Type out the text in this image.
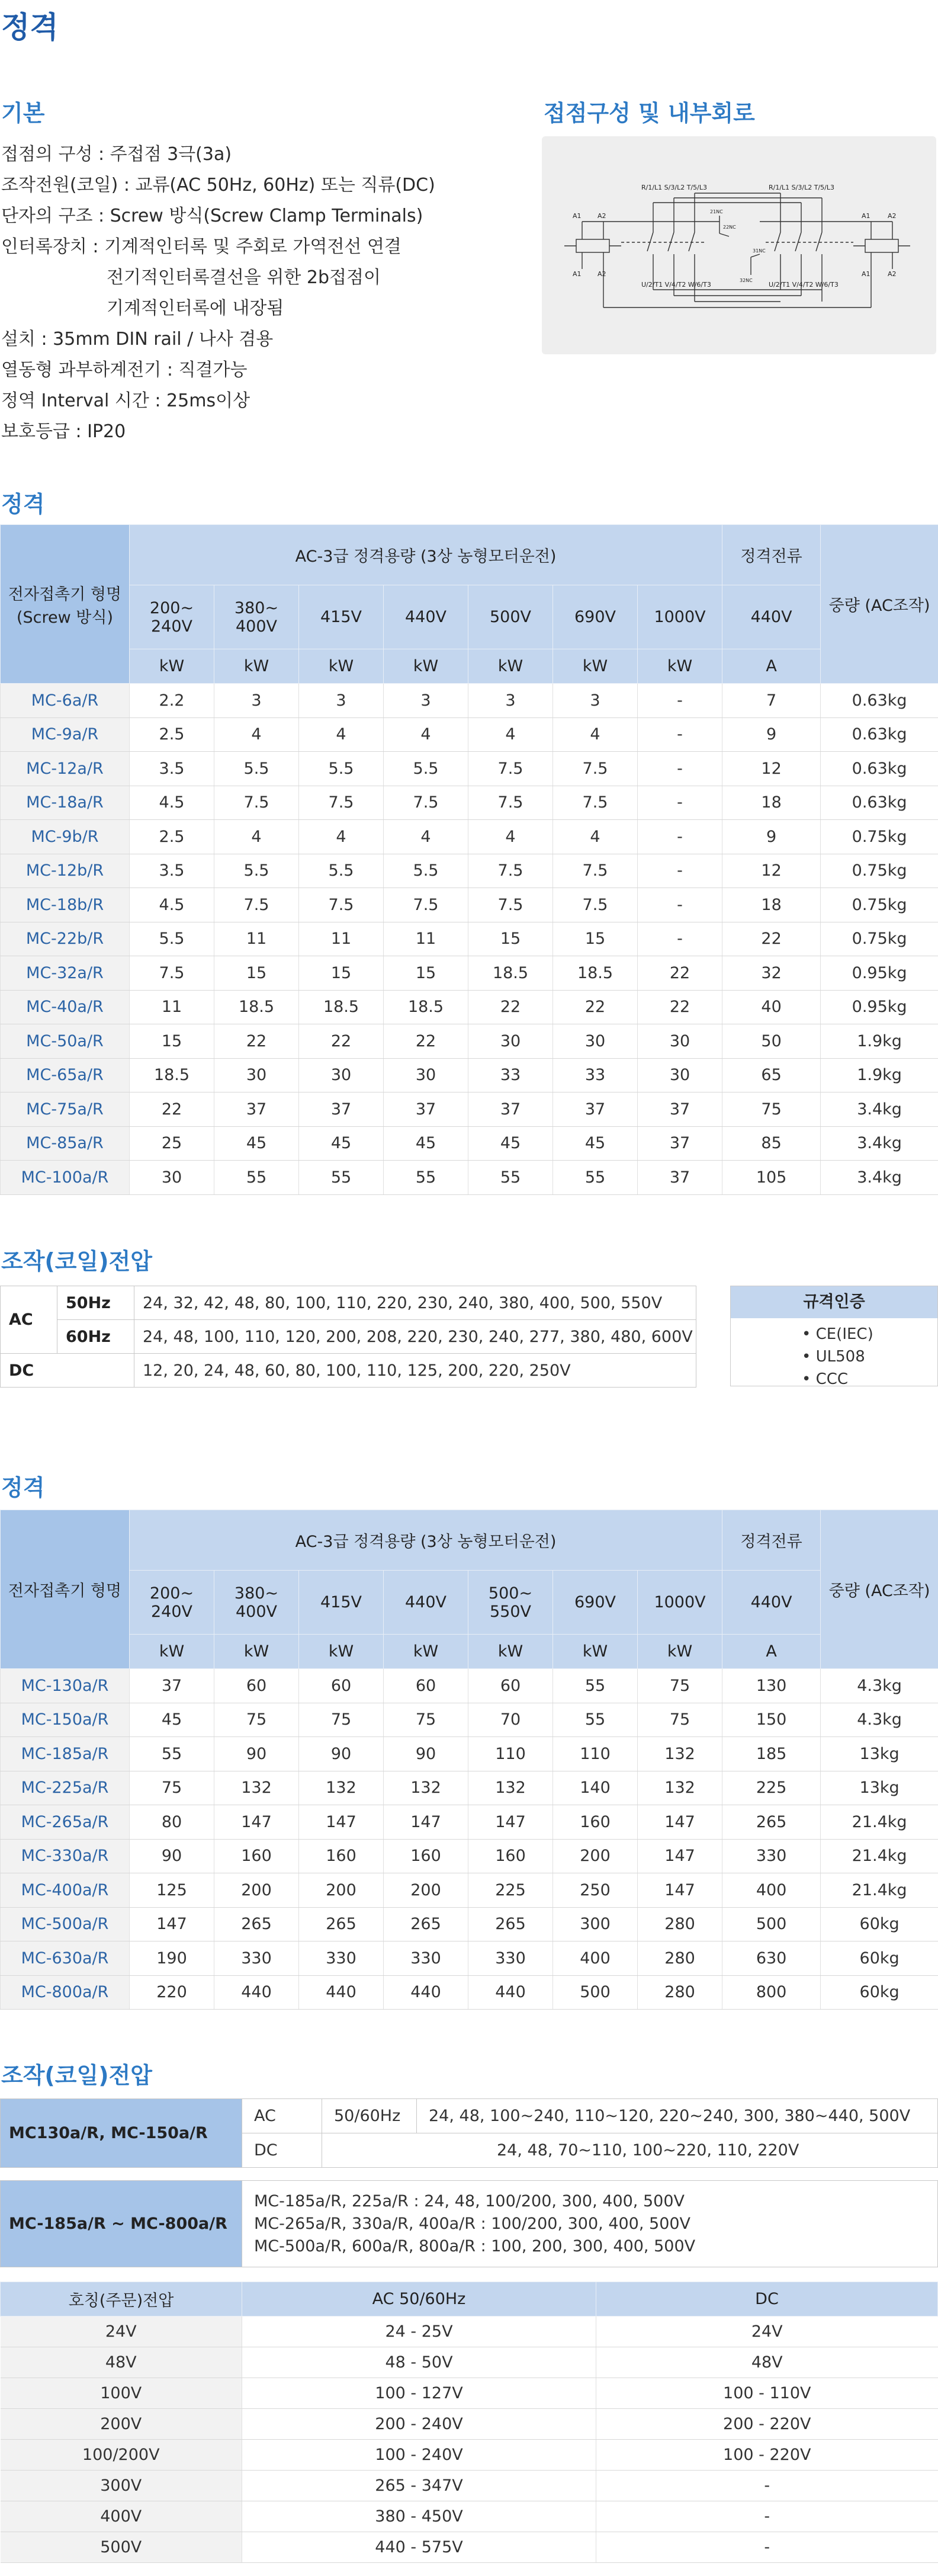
정격
기본
접점의 구성 : 주접점 3극(3a)
조작전원(코일) : 교류(AC 50Hz, 60Hz) 또는 직류(DC)
단자의 구조 : Screw 방식(Screw Clamp Terminals)
인터록장치 : 기계적인터록 및 주회로 가역전선 연결
전기적인터록결선을 위한 2b접점이
기계적인터록에 내장됨
설치 : 35mm DIN rail / 나사 겸용
열동형 과부하계전기 : 직결가능
정역 Interval 시간 : 25ms이상
보호등급 : IP20
접점구성 및 내부회로
A1 A2
A1 A2
A1	A2
A1	A2
R/1/L1 S/3/L2 T/5/L3	R/1/L1 S/3/L2 T/5/L3
U/2/T1 V/4/T2 W/6/T3	U/2/T1 V/4/T2 W/6/T3
21NC
22NC
31NC
32NC
정격
전자접촉기 형명 (Screw 방식)	AC-3급 정격용량 (3상 농형모터운전)							정격전류	중량 (AC조작)
	200~ 240V	380~ 400V	415V	440V	500V	690V	1000V	440V	
	kW	kW	kW	kW	kW	kW	kW	A	
MC-6a/R	2.2	3	3	3	3	3	-	7	0.63kg
MC-9a/R	2.5	4	4	4	4	4	-	9	0.63kg
MC-12a/R	3.5	5.5	5.5	5.5	7.5	7.5	-	12	0.63kg
MC-18a/R	4.5	7.5	7.5	7.5	7.5	7.5	-	18	0.63kg
MC-9b/R	2.5	4	4	4	4	4	-	9	0.75kg
MC-12b/R	3.5	5.5	5.5	5.5	7.5	7.5	-	12	0.75kg
MC-18b/R	4.5	7.5	7.5	7.5	7.5	7.5	-	18	0.75kg
MC-22b/R	5.5	11	11	11	15	15	-	22	0.75kg
MC-32a/R	7.5	15	15	15	18.5	18.5	22	32	0.95kg
MC-40a/R	11	18.5	18.5	18.5	22	22	22	40	0.95kg
MC-50a/R	15	22	22	22	30	30	30	50	1.9kg
MC-65a/R	18.5	30	30	30	33	33	30	65	1.9kg
MC-75a/R	22	37	37	37	37	37	37	75	3.4kg
MC-85a/R	25	45	45	45	45	45	37	85	3.4kg
MC-100a/R	30	55	55	55	55	55	37	105	3.4kg
조작(코일)전압
AC	50Hz	24, 32, 42, 48, 80, 100, 110, 220, 230, 240, 380, 400, 500, 550V
	60Hz	24, 48, 100, 110, 120, 200, 208, 220, 230, 240, 277, 380, 480, 600V
DC		12, 20, 24, 48, 60, 80, 100, 110, 125, 200, 220, 250V
규격인증
• CE(IEC)
• UL508
• CCC
정격
전자접촉기 형명	AC-3급 정격용량 (3상 농형모터운전)							정격전류	중량 (AC조작)
	200~ 240V	380~ 400V	415V	440V	500~ 550V	690V	1000V	440V	
	kW	kW	kW	kW	kW	kW	kW	A	
MC-130a/R	37	60	60	60	60	55	75	130	4.3kg
MC-150a/R	45	75	75	75	70	55	75	150	4.3kg
MC-185a/R	55	90	90	90	110	110	132	185	13kg
MC-225a/R	75	132	132	132	132	140	132	225	13kg
MC-265a/R	80	147	147	147	147	160	147	265	21.4kg
MC-330a/R	90	160	160	160	160	200	147	330	21.4kg
MC-400a/R	125	200	200	200	225	250	147	400	21.4kg
MC-500a/R	147	265	265	265	265	300	280	500	60kg
MC-630a/R	190	330	330	330	330	400	280	630	60kg
MC-800a/R	220	440	440	440	440	500	280	800	60kg
조작(코일)전압
MC130a/R, MC-150a/R	AC	50/60Hz	24, 48, 100~240, 110~120, 220~240, 300, 380~440, 500V
	DC	24, 48, 70~110, 100~220, 110, 220V	
MC-185a/R ~ MC-800a/R	
MC-185a/R, 225a/R : 24, 48, 100/200, 300, 400, 500V
MC-265a/R, 330a/R, 400a/R : 100/200, 300, 400, 500V
MC-500a/R, 600a/R, 800a/R : 100, 200, 300, 400, 500V
호칭(주문)전압	AC 50/60Hz	DC
24V	24 - 25V	24V
48V	48 - 50V	48V
100V	100 - 127V	100 - 110V
200V	200 - 240V	200 - 220V
100/200V	100 - 240V	100 - 220V
300V	265 - 347V	-
400V	380 - 450V	-
500V	440 - 575V	-
